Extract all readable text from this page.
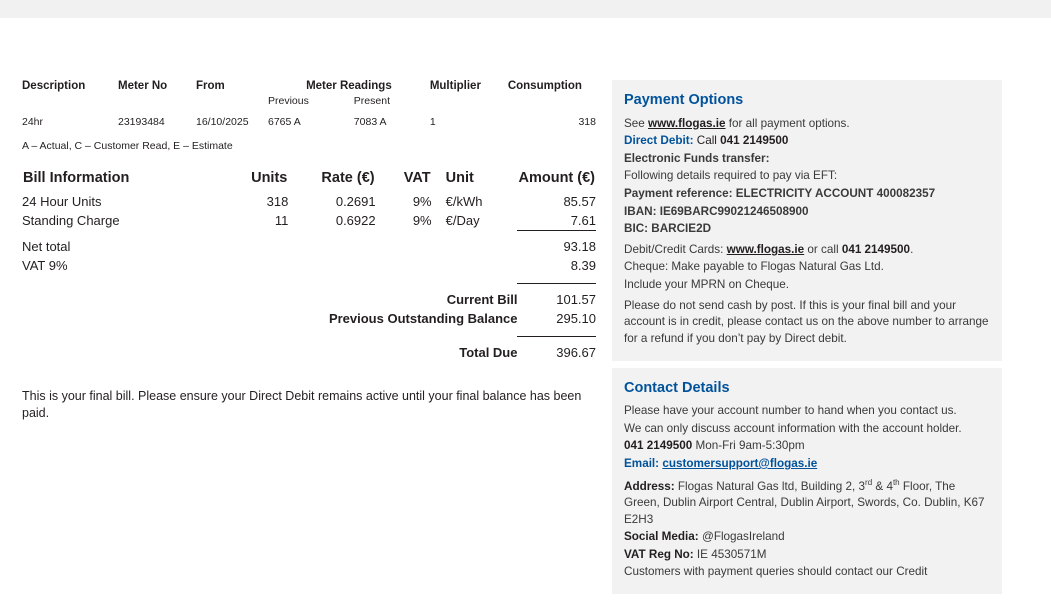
Description	Meter No	From	Meter Readings		Multiplier	Consumption
			Previous	Present		
24hr	23193484	16/10/2025	6765 A	7083 A	1	318
A – Actual, C – Customer Read, E – Estimate
Bill Information	Units	Rate (€)	VAT	Unit	Amount (€)
24 Hour Units	318	0.2691	9%	€/kWh	85.57
Standing Charge	11	0.6922	9%	€/Day	7.61

Net total					93.18
VAT 9%					8.39

Current Bill					101.57
Previous Outstanding Balance					295.10

Total Due					396.67
This is your final bill. Please ensure your Direct Debit remains active until your final balance has been paid.
Payment Options

See www.flogas.ie for all payment options.

Direct Debit: Call 041 2149500

Electronic Funds transfer:

Following details required to pay via EFT:

Payment reference: ELECTRICITY ACCOUNT 400082357

IBAN: IE69BARC99021246508900

BIC: BARCIE2D

Debit/Credit Cards: www.flogas.ie or call 041 2149500.

Cheque: Make payable to Flogas Natural Gas Ltd.

Include your MPRN on Cheque.

Please do not send cash by post. If this is your final bill and your account is in credit, please contact us on the above number to arrange for a refund if you don’t pay by Direct debit.

Contact Details

Please have your account number to hand when you contact us.

We can only discuss account information with the account holder.

041 2149500 Mon-Fri 9am-5:30pm

Email: customersupport@flogas.ie

Address: Flogas Natural Gas ltd, Building 2, 3rd & 4th Floor, The Green, Dublin Airport Central, Dublin Airport, Swords, Co. Dublin, K67 E2H3

Social Media: @FlogasIreland

VAT Reg No: IE 4530571M

Customers with payment queries should contact our Credit
